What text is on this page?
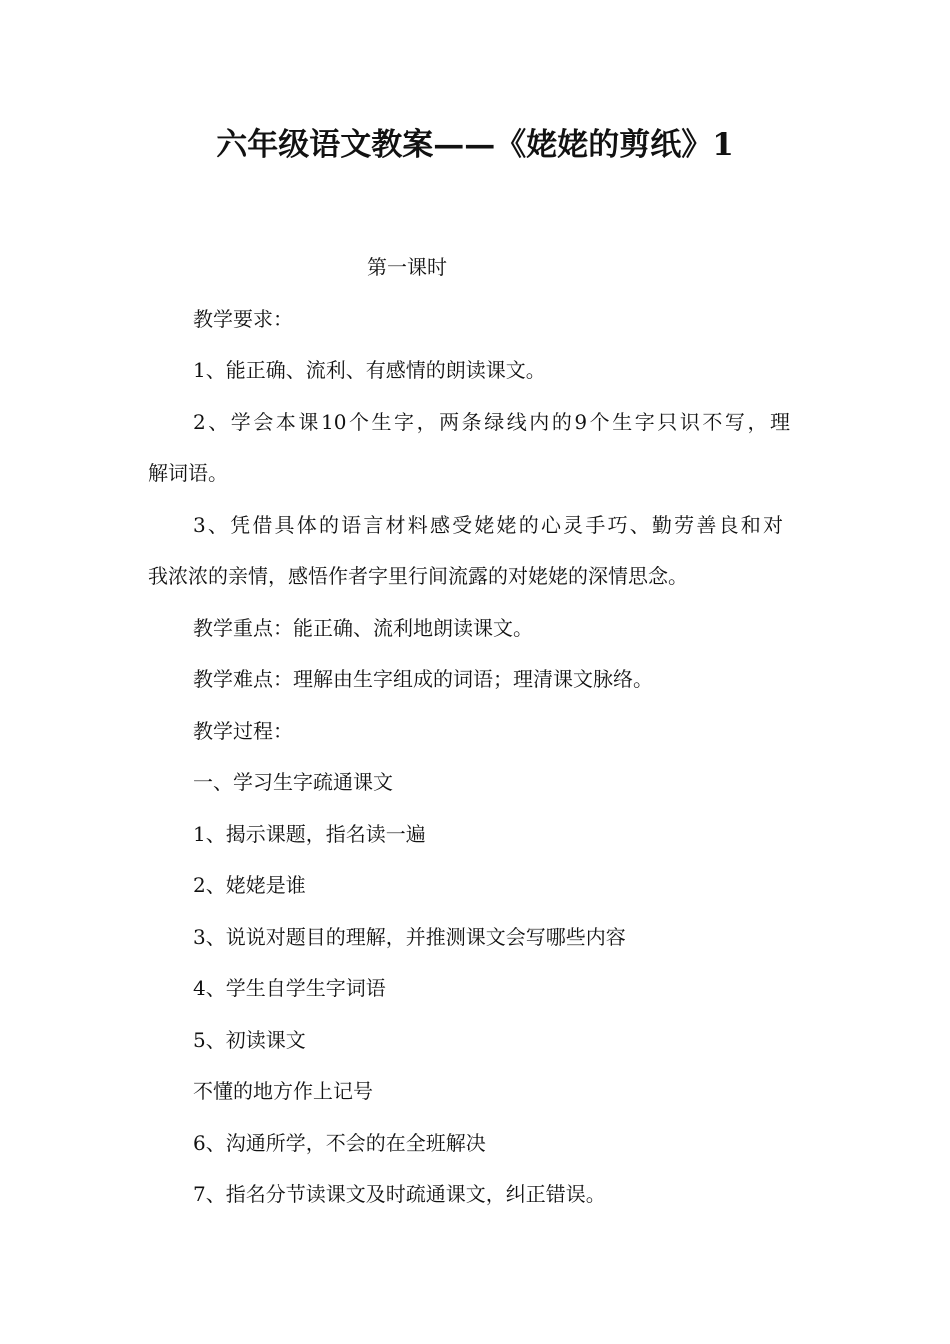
六年级语文教案——《姥姥的剪纸》1
第一课时
教学要求：
1、能正确、流利、有感情的朗读课文。
2、学会本课10个生字，两条绿线内的9个生字只识不写，理
解词语。
3、凭借具体的语言材料感受姥姥的心灵手巧、勤劳善良和对
我浓浓的亲情，感悟作者字里行间流露的对姥姥的深情思念。
教学重点：能正确、流利地朗读课文。
教学难点：理解由生字组成的词语；理清课文脉络。
教学过程：
一、学习生字疏通课文
1、揭示课题，指名读一遍
2、姥姥是谁
3、说说对题目的理解，并推测课文会写哪些内容
4、学生自学生字词语
5、初读课文
不懂的地方作上记号
6、沟通所学，不会的在全班解决
7、指名分节读课文及时疏通课文，纠正错误。
